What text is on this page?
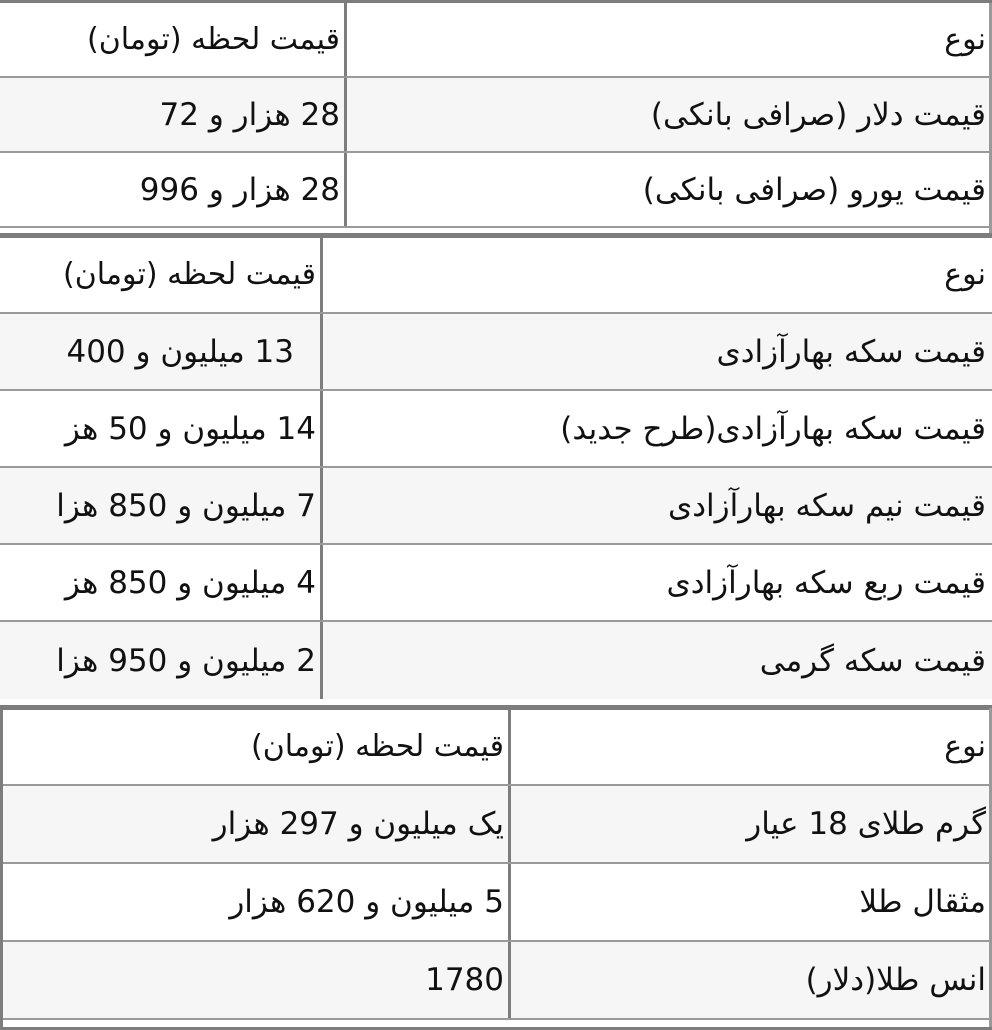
نوع
قیمت لحظه (تومان)
قیمت دلار (صرافی بانکی)
28 هزار و 72
قیمت یورو (صرافی بانکی)
28 هزار و 996
نوع
قیمت لحظه (تومان)
قیمت سکه بهارآزادی
13 میلیون و 400
قیمت سکه بهارآزادی(طرح جدید)
14 میلیون و 50 هز
قیمت نیم سکه بهارآزادی
7 میلیون و 850 هزا
قیمت ربع سکه بهارآزادی
4 میلیون و 850 هز
قیمت سکه گرمی
2 میلیون و 950 هزا
نوع
قیمت لحظه (تومان)
گرم طلای 18 عیار
یک میلیون و 297 هزار
مثقال طلا
5 میلیون و 620 هزار
انس طلا(دلار)
1780
